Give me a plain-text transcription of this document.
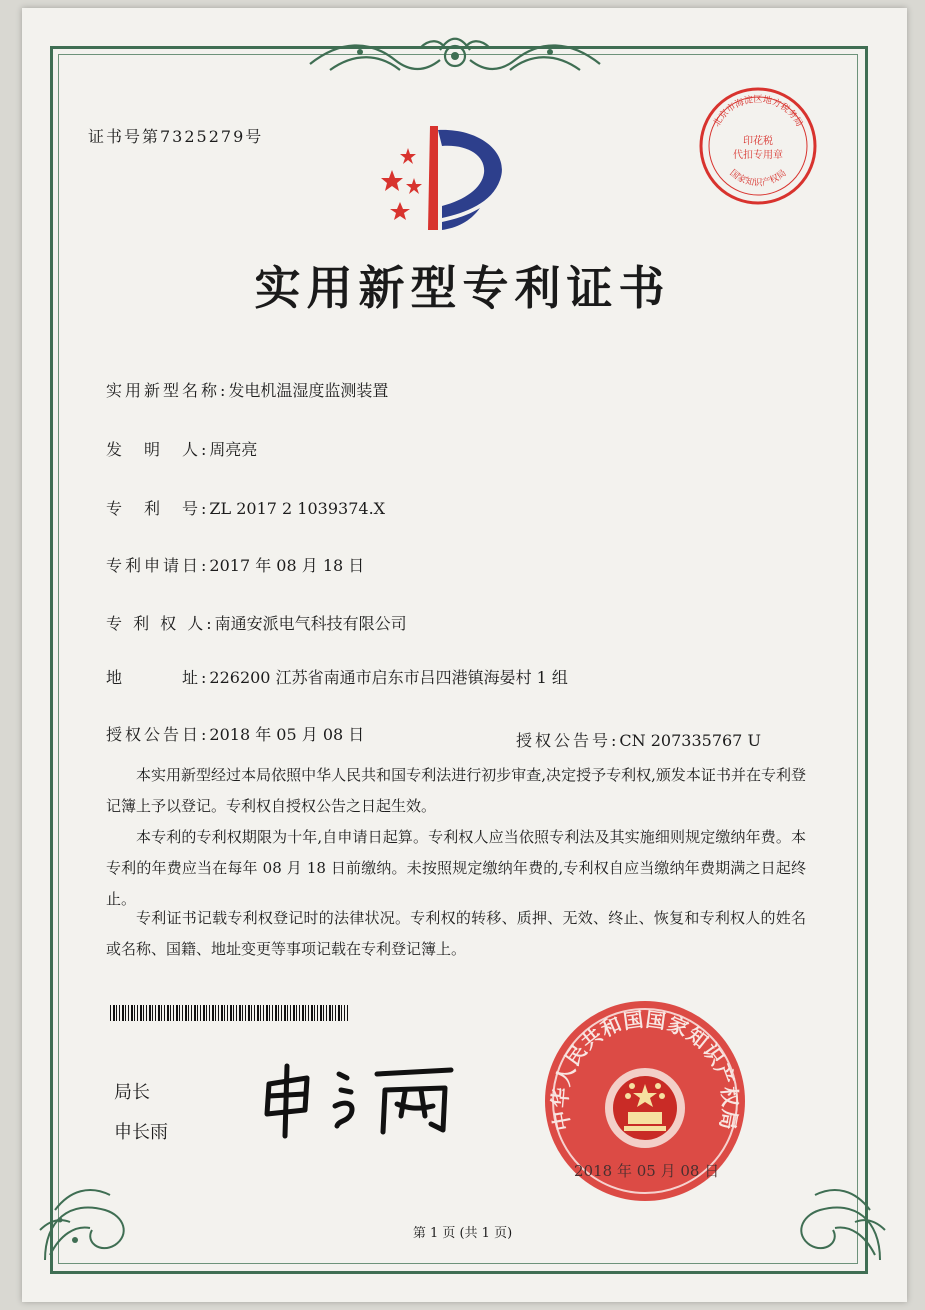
证书号第7325279号
北京市海淀区地方税务局
国家知识产权局
印花税
代扣专用章
实用新型专利证书
实用新型名称:发电机温湿度监测装置
发　明　人:周亮亮
专　利　号:ZL 2017 2 1039374.X
专利申请日:2017 年 08 月 18 日
专 利 权 人:南通安派电气科技有限公司
地　　　址:226200 江苏省南通市启东市吕四港镇海晏村 1 组
授权公告日:2018 年 05 月 08 日	授权公告号:CN 207335767 U
本实用新型经过本局依照中华人民共和国专利法进行初步审查,决定授予专利权,颁发本证书并在专利登记簿上予以登记。专利权自授权公告之日起生效。
本专利的专利权期限为十年,自申请日起算。专利权人应当依照专利法及其实施细则规定缴纳年费。本专利的年费应当在每年 08 月 18 日前缴纳。未按照规定缴纳年费的,专利权自应当缴纳年费期满之日起终止。
专利证书记载专利权登记时的法律状况。专利权的转移、质押、无效、终止、恢复和专利权人的姓名或名称、国籍、地址变更等事项记载在专利登记簿上。
局长
申长雨	中华人民共和国国家知识产权局
2018 年 05 月 08 日
第 1 页 (共 1 页)
